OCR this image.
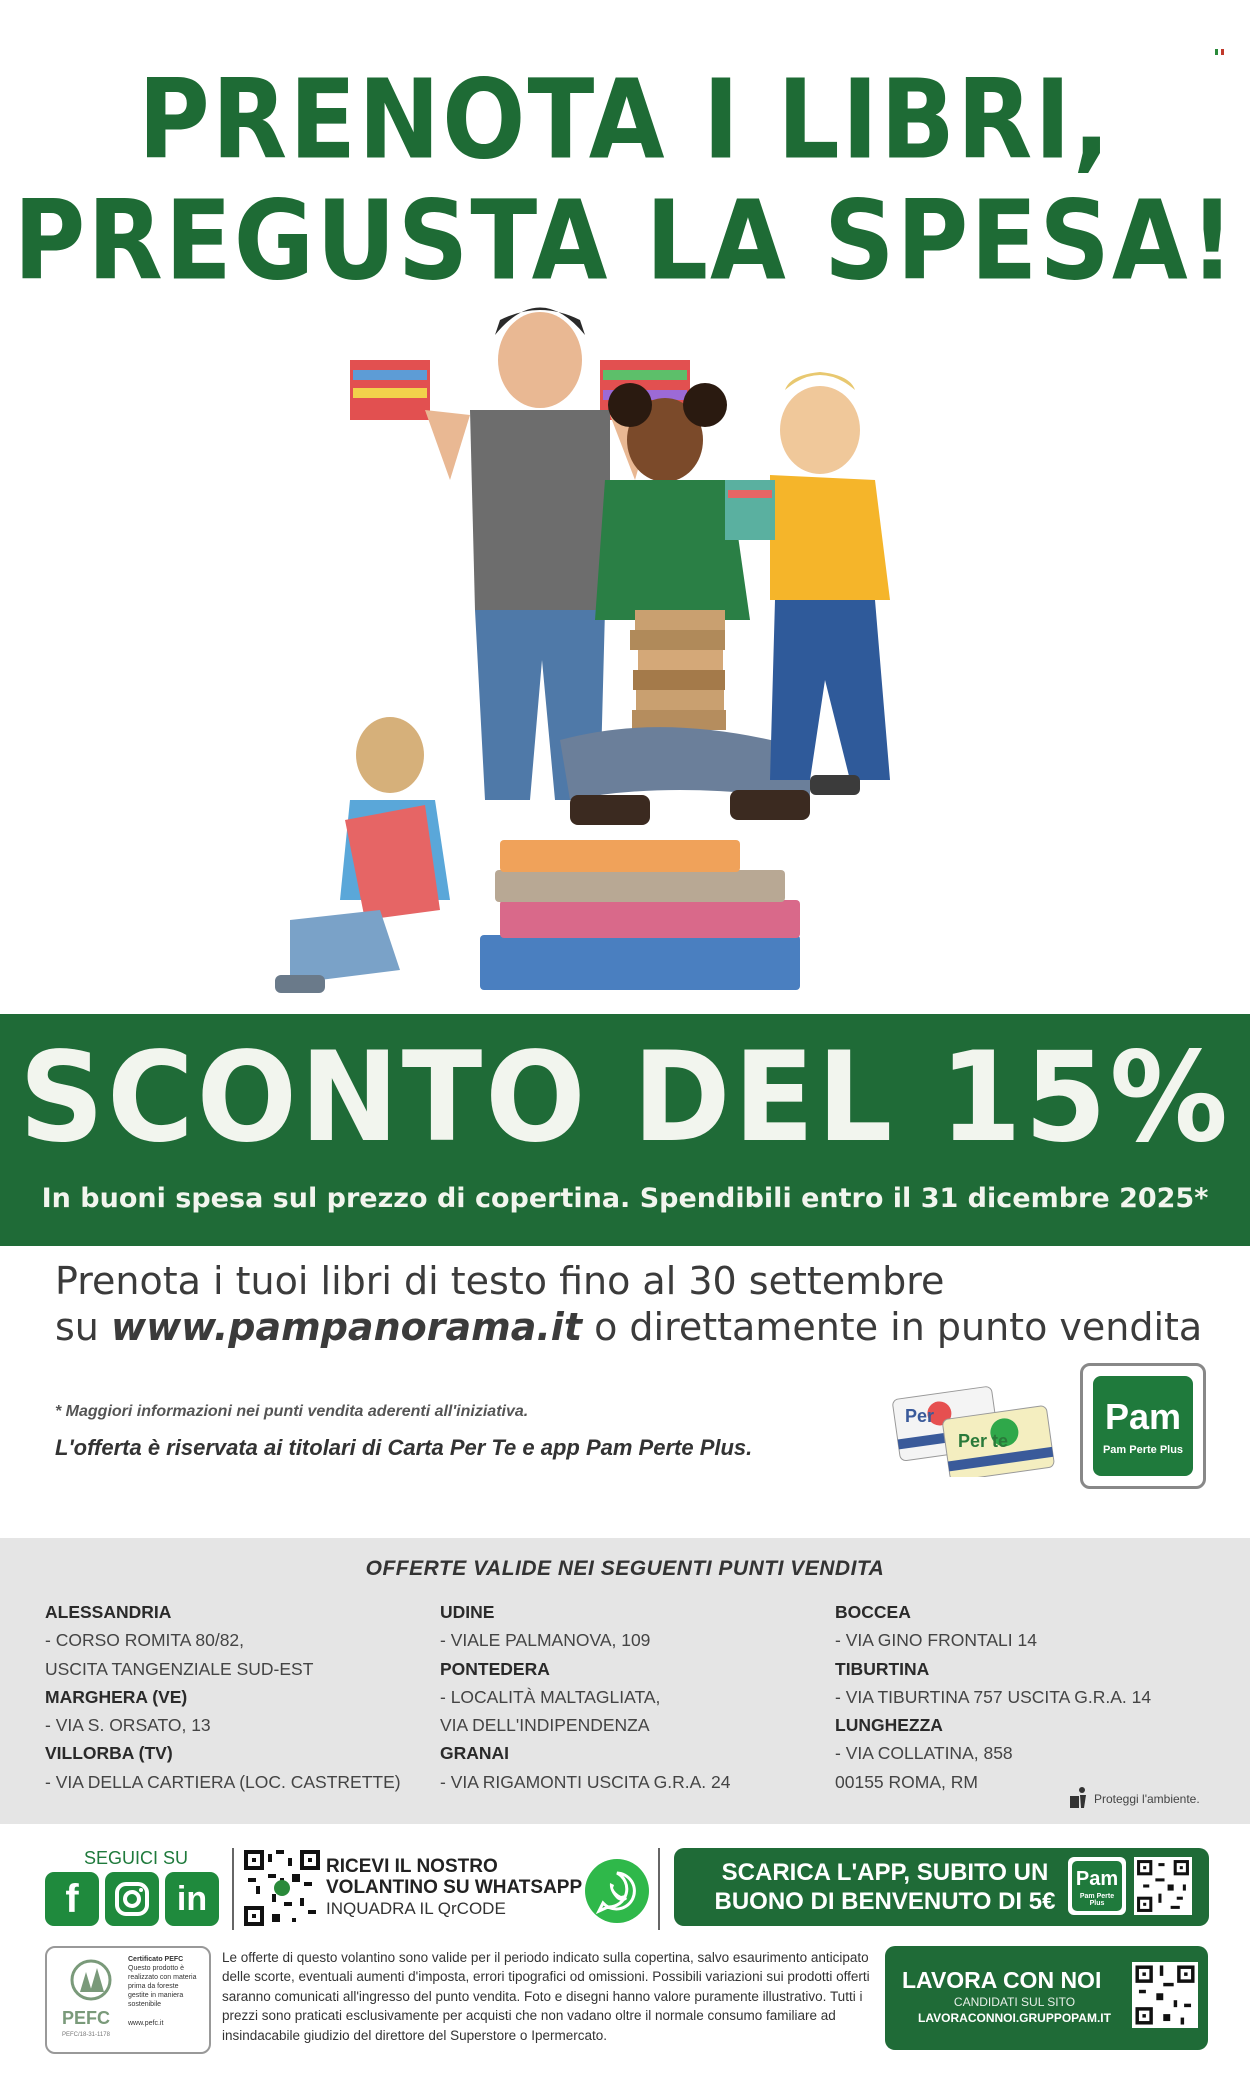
PRENOTA I LIBRI,
PREGUSTA LA SPESA!
SCONTO DEL 15%
In buoni spesa sul prezzo di copertina. Spendibili entro il 31 dicembre 2025*
Prenota i tuoi libri di testo fino al 30 settembre
su www.pampanorama.it o direttamente in punto vendita
* Maggiori informazioni nei punti vendita aderenti all'iniziativa.
L'offerta è riservata ai titolari di Carta Per Te e app Pam Perte Plus.
Per
Per te
Pam
Pam Perte Plus
OFFERTE VALIDE NEI SEGUENTI PUNTI VENDITA
ALESSANDRIA
- CORSO ROMITA 80/82,
USCITA TANGENZIALE SUD-EST
MARGHERA (VE)
- VIA S. ORSATO, 13
VILLORBA (TV)
- VIA DELLA CARTIERA (LOC. CASTRETTE)
UDINE
- VIALE PALMANOVA, 109
PONTEDERA
- LOCALITÀ MALTAGLIATA,
VIA DELL'INDIPENDENZA
GRANAI
- VIA RIGAMONTI USCITA G.R.A. 24
BOCCEA
- VIA GINO FRONTALI 14
TIBURTINA
- VIA TIBURTINA 757 USCITA G.R.A. 14
LUNGHEZZA
- VIA COLLATINA, 858
00155 ROMA, RM
Proteggi l'ambiente.
SEGUICI SU
f	in
RICEVI IL NOSTRO
VOLANTINO SU WHATSAPP
INQUADRA IL QrCODE
SCARICA L'APP, SUBITO UN
BUONO DI BENVENUTO DI 5€
Pam
Pam Perte Plus
PEFC
PEFC/18-31-1178
Certificato PEFC
Questo prodotto è realizzato con materia prima da foreste gestite in maniera sostenibile
www.pefc.it
Le offerte di questo volantino sono valide per il periodo indicato sulla copertina, salvo esaurimento anticipato delle scorte, eventuali aumenti d'imposta, errori tipografici od omissioni. Possibili variazioni sui prodotti offerti saranno comunicati all'ingresso del punto vendita. Foto e disegni hanno valore puramente illustrativo. Tutti i prezzi sono praticati esclusivamente per acquisti che non vadano oltre il normale consumo familiare ad insindacabile giudizio del direttore del Superstore o Ipermercato.
LAVORA CON NOI
CANDIDATI SUL SITO
LAVORACONNOI.GRUPPOPAM.IT
